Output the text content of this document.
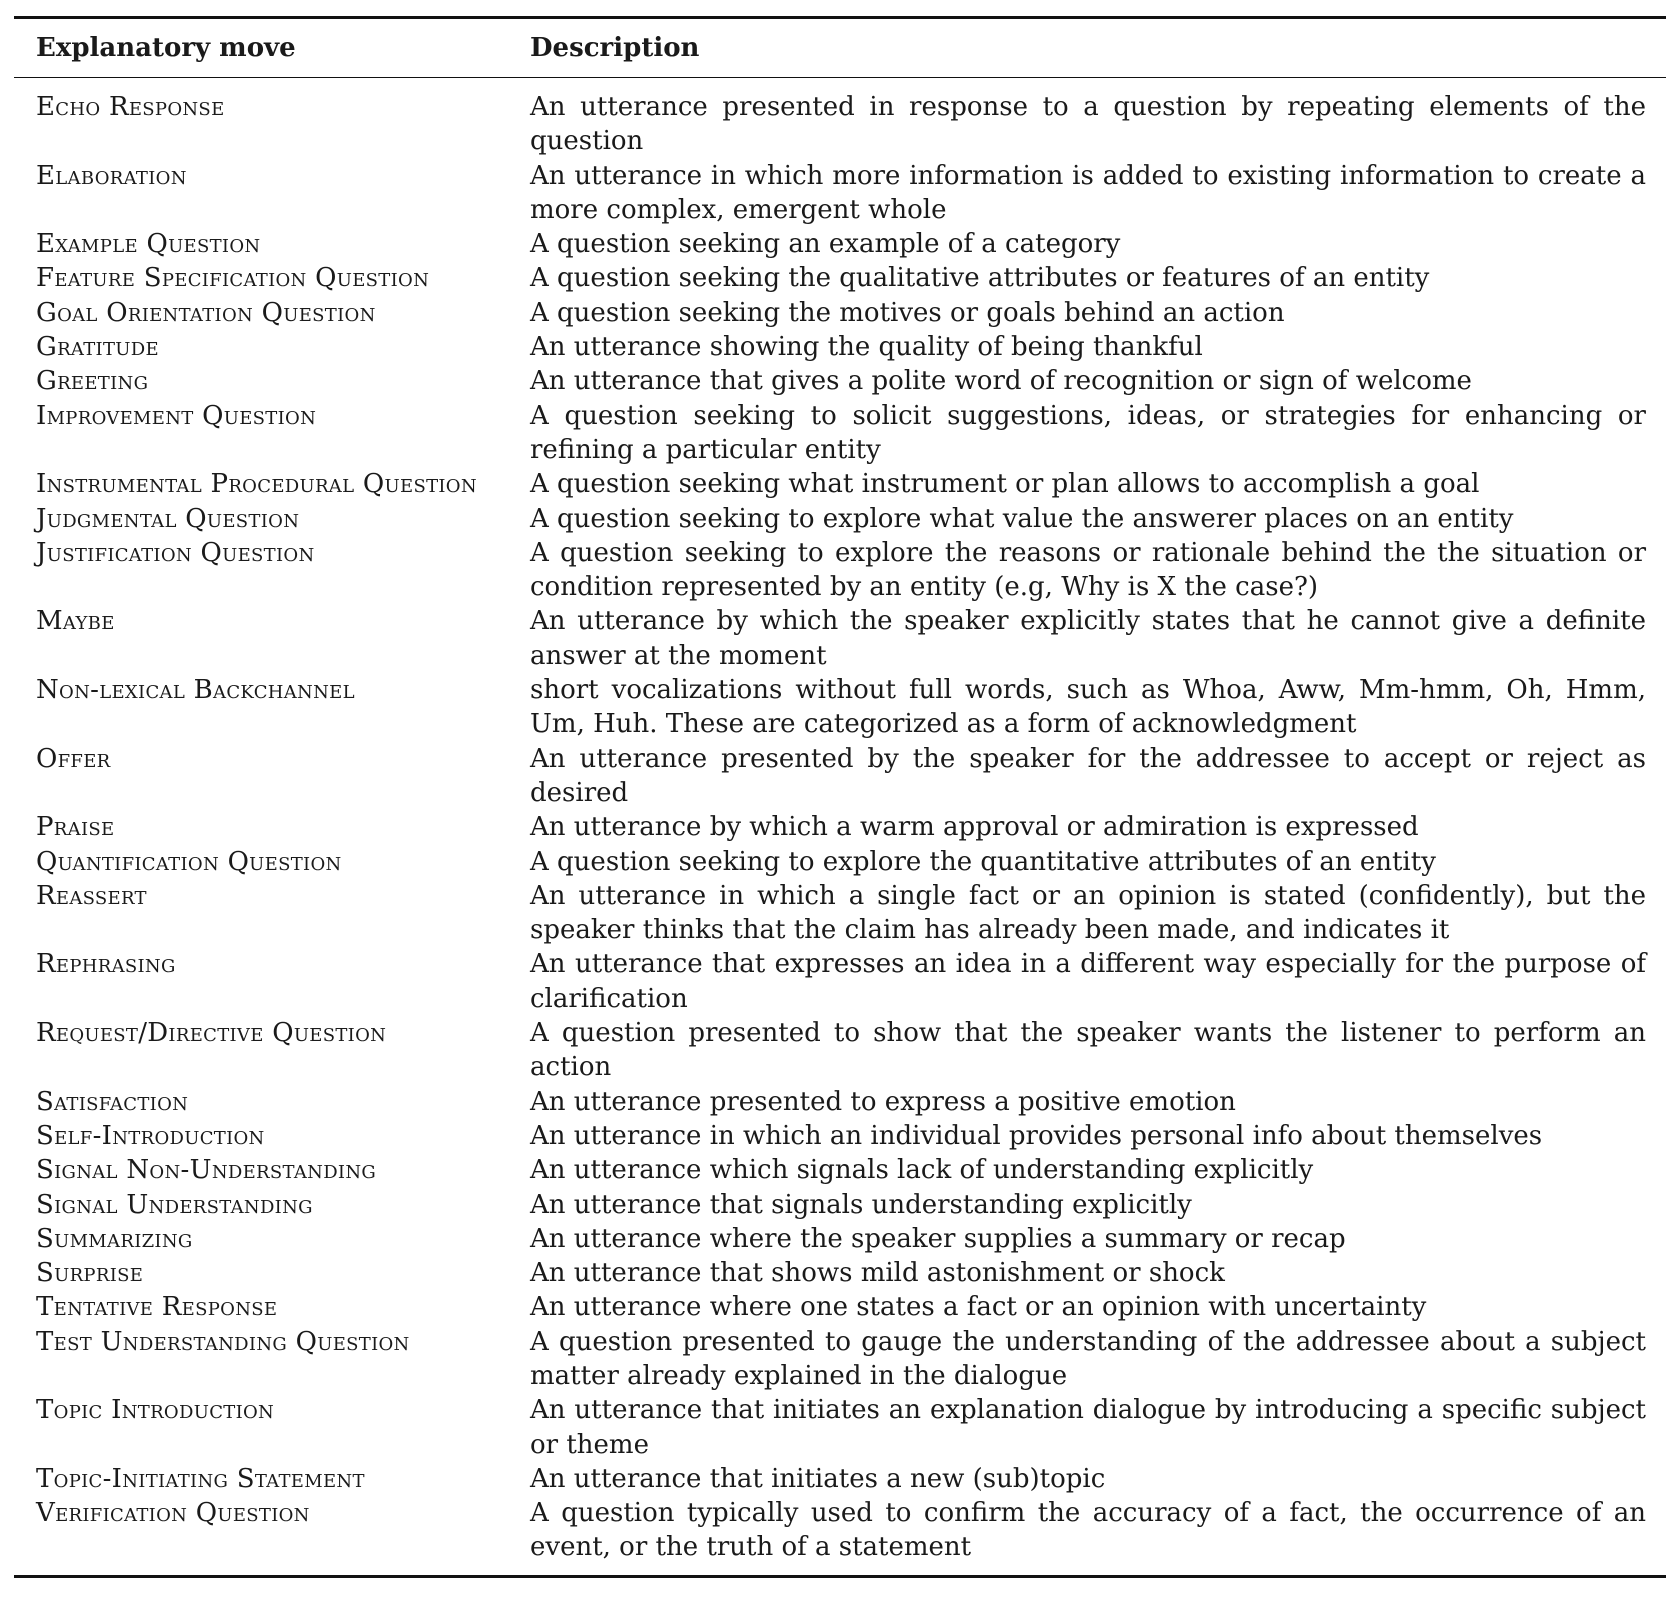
Explanatory move	Description
Echo Response	An utterance presented in response to a question by repeating elements of the question
Elaboration	An utterance in which more information is added to existing information to create a more complex, emergent whole
Example Question	A question seeking an example of a category
Feature Specification Question	A question seeking the qualitative attributes or features of an entity
Goal Orientation Question	A question seeking the motives or goals behind an action
Gratitude	An utterance showing the quality of being thankful
Greeting	An utterance that gives a polite word of recognition or sign of welcome
Improvement Question	A question seeking to solicit suggestions, ideas, or strategies for enhancing or refining a particular entity
Instrumental Procedural Question	A question seeking what instrument or plan allows to accomplish a goal
Judgmental Question	A question seeking to explore what value the answerer places on an entity
Justification Question	A question seeking to explore the reasons or rationale behind the the situation or condition represented by an entity (e.g, Why is X the case?)
Maybe	An utterance by which the speaker explicitly states that he cannot give a definite answer at the moment
Non-lexical Backchannel	short vocalizations without full words, such as Whoa, Aww, Mm-hmm, Oh, Hmm, Um, Huh. These are categorized as a form of acknowledgment
Offer	An utterance presented by the speaker for the addressee to accept or reject as desired
Praise	An utterance by which a warm approval or admiration is expressed
Quantification Question	A question seeking to explore the quantitative attributes of an entity
Reassert	An utterance in which a single fact or an opinion is stated (confidently), but the speaker thinks that the claim has already been made, and indicates it
Rephrasing	An utterance that expresses an idea in a different way especially for the purpose of clarification
Request/Directive Question	A question presented to show that the speaker wants the listener to perform an action
Satisfaction	An utterance presented to express a positive emotion
Self-Introduction	An utterance in which an individual provides personal info about themselves
Signal Non-Understanding	An utterance which signals lack of understanding explicitly
Signal Understanding	An utterance that signals understanding explicitly
Summarizing	An utterance where the speaker supplies a summary or recap
Surprise	An utterance that shows mild astonishment or shock
Tentative Response	An utterance where one states a fact or an opinion with uncertainty
Test Understanding Question	A question presented to gauge the understanding of the addressee about a subject matter already explained in the dialogue
Topic Introduction	An utterance that initiates an explanation dialogue by introducing a specific subject or theme
Topic-Initiating Statement	An utterance that initiates a new (sub)topic
Verification Question	A question typically used to confirm the accuracy of a fact, the occurrence of an event, or the truth of a statement
